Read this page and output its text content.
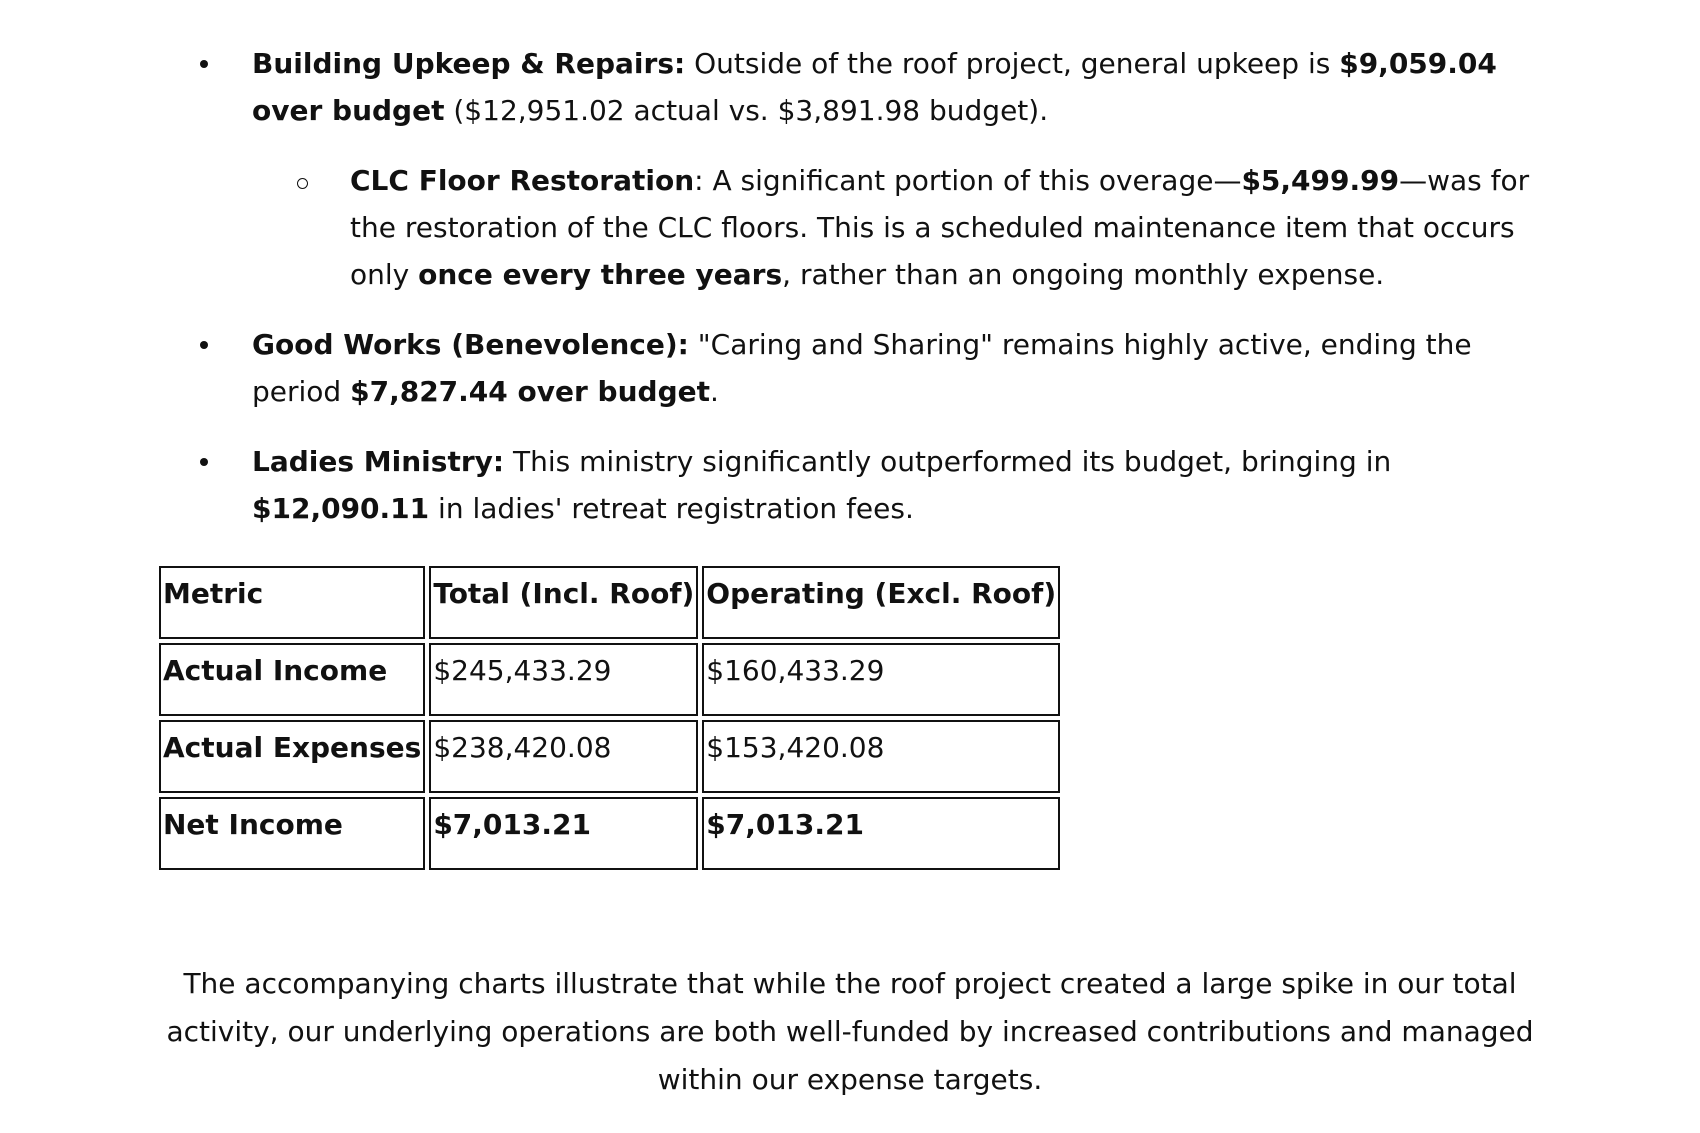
Building Upkeep & Repairs: Outside of the roof project, general upkeep is $9,059.04 over budget ($12,951.02 actual vs. $3,891.98 budget).
CLC Floor Restoration: A significant portion of this overage—$5,499.99—was for the restoration of the CLC floors. This is a scheduled maintenance item that occurs only once every three years, rather than an ongoing monthly expense.
Good Works (Benevolence): "Caring and Sharing" remains highly active, ending the period $7,827.44 over budget.
Ladies Ministry: This ministry significantly outperformed its budget, bringing in $12,090.11 in ladies' retreat registration fees.
Metric	Total (Incl. Roof)	Operating (Excl. Roof)
Actual Income	$245,433.29	$160,433.29
Actual Expenses	$238,420.08	$153,420.08
Net Income	$7,013.21	$7,013.21

The accompanying charts illustrate that while the roof project created a large spike in our total activity, our underlying operations are both well-funded by increased contributions and managed within our expense targets.
